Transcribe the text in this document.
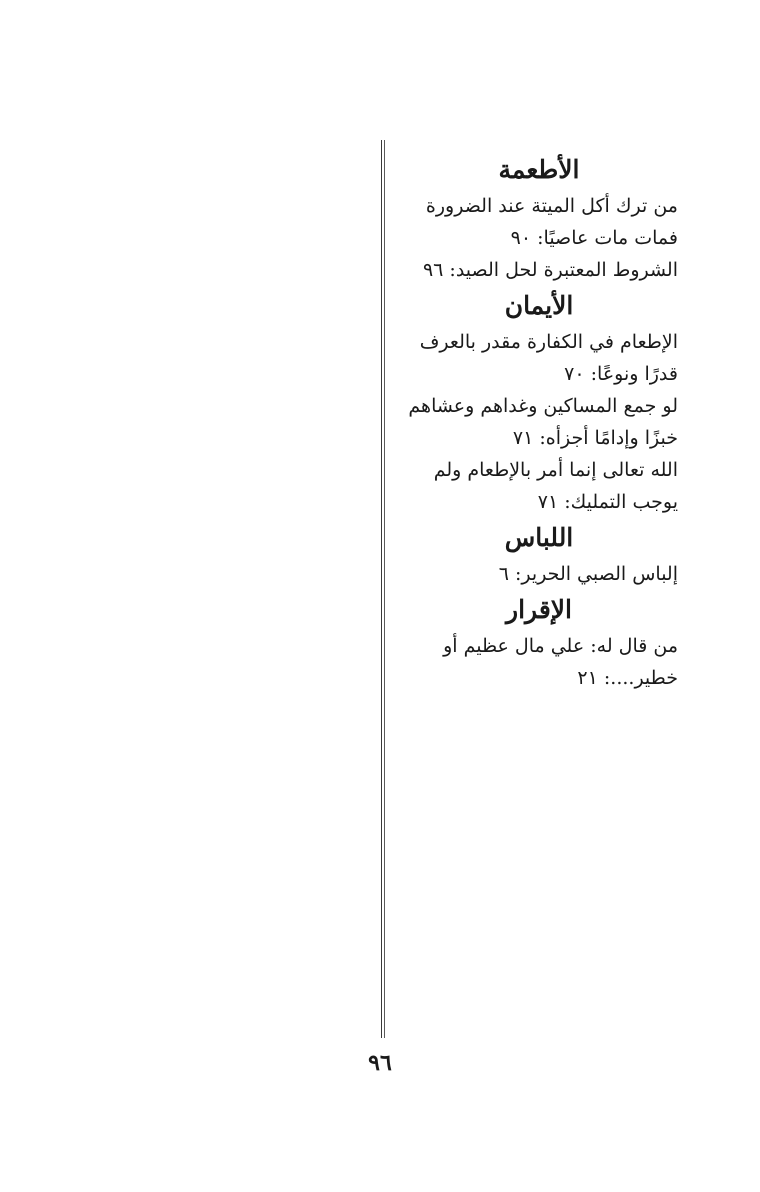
الأطعمة
من ترك أكل الميتة عند الضرورة
فمات مات عاصيًا: ٩٠
الشروط المعتبرة لحل الصيد: ٩٦
الأيمان
الإطعام في الكفارة مقدر بالعرف
قدرًا ونوعًا: ٧٠
لو جمع المساكين وغداهم وعشاهم
خبزًا وإدامًا أجزأه: ٧١
الله تعالى إنما أمر بالإطعام ولم
يوجب التمليك: ٧١
اللباس
إلباس الصبي الحرير: ٦
الإقرار
من قال له: علي مال عظيم أو
خطير....: ٢١
٩٦
